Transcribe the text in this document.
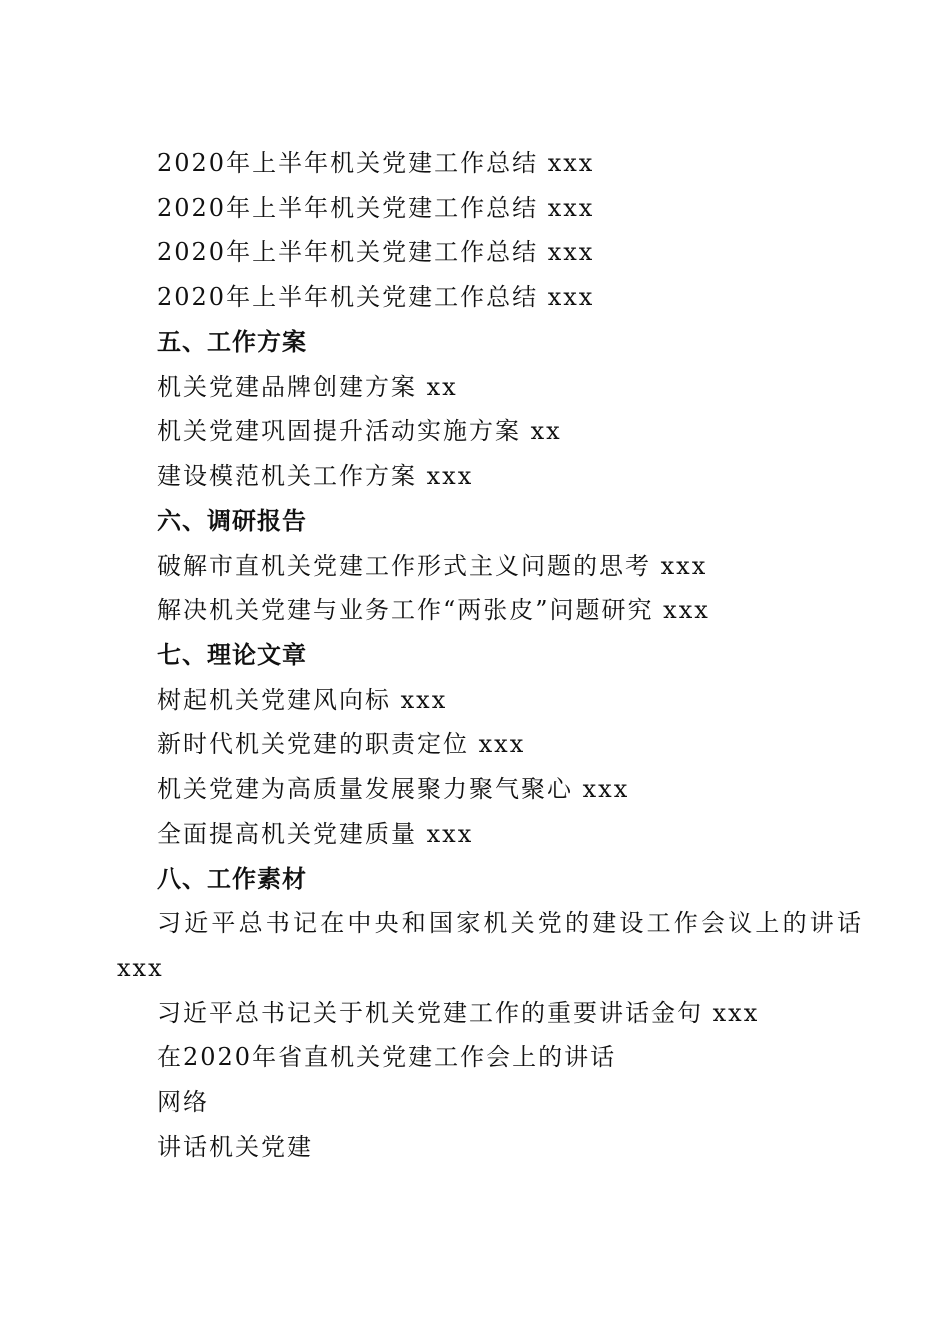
2020年上半年机关党建工作总结 xxx
2020年上半年机关党建工作总结 xxx
2020年上半年机关党建工作总结 xxx
2020年上半年机关党建工作总结 xxx
五、工作方案
机关党建品牌创建方案 xx
机关党建巩固提升活动实施方案 xx
建设模范机关工作方案 xxx
六、调研报告
破解市直机关党建工作形式主义问题的思考 xxx
解决机关党建与业务工作“两张皮”问题研究 xxx
七、理论文章
树起机关党建风向标 xxx
新时代机关党建的职责定位 xxx
机关党建为高质量发展聚力聚气聚心 xxx
全面提高机关党建质量 xxx
八、工作素材
习近平总书记在中央和国家机关党的建设工作会议上的讲话
xxx
习近平总书记关于机关党建工作的重要讲话金句 xxx
在2020年省直机关党建工作会上的讲话
网络
讲话机关党建
